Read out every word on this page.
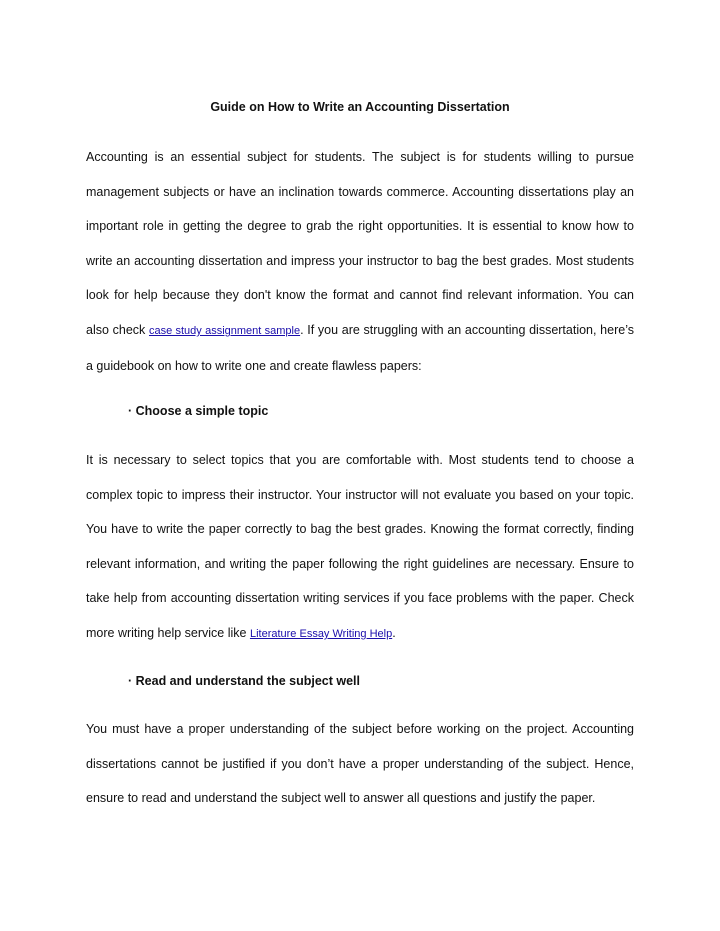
Guide on How to Write an Accounting Dissertation

Accounting is an essential subject for students. The subject is for students willing to pursue management subjects or have an inclination towards commerce. Accounting dissertations play an important role in getting the degree to grab the right opportunities. It is essential to know how to write an accounting dissertation and impress your instructor to bag the best grades. Most students look for help because they don't know the format and cannot find relevant information. You can also check case study assignment sample. If you are struggling with an accounting dissertation, here’s a guidebook on how to write one and create flawless papers:

· Choose a simple topic

It is necessary to select topics that you are comfortable with. Most students tend to choose a complex topic to impress their instructor. Your instructor will not evaluate you based on your topic. You have to write the paper correctly to bag the best grades. Knowing the format correctly, finding relevant information, and writing the paper following the right guidelines are necessary. Ensure to take help from accounting dissertation writing services if you face problems with the paper. Check more writing help service like Literature Essay Writing Help.

· Read and understand the subject well

You must have a proper understanding of the subject before working on the project. Accounting dissertations cannot be justified if you don’t have a proper understanding of the subject. Hence, ensure to read and understand the subject well to answer all questions and justify the paper.
